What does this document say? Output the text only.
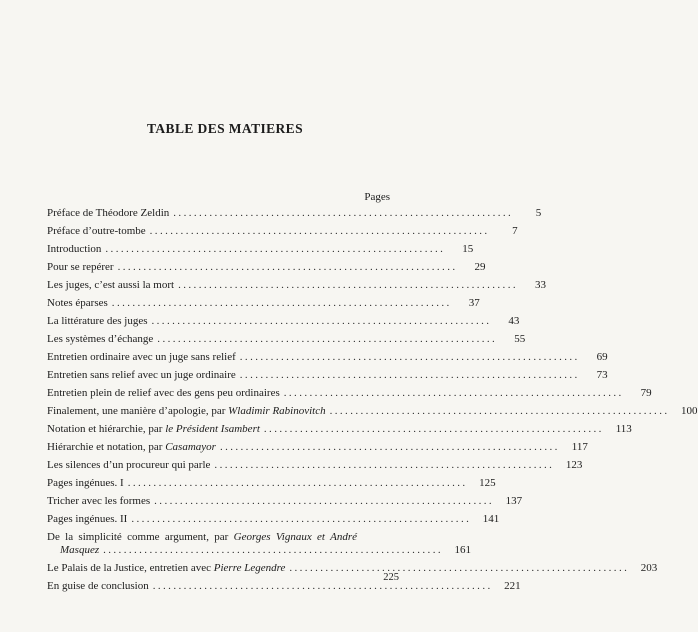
TABLE DES MATIERES
Pages
Préface de Théodore Zeldin ..................................................................	5
Préface d’outre-tombe ..................................................................	7
Introduction ..................................................................	15
Pour se repérer ..................................................................	29
Les juges, c’est aussi la mort ..................................................................	33
Notes éparses ..................................................................	37
La littérature des juges ..................................................................	43
Les systèmes d’échange ..................................................................	55
Entretien ordinaire avec un juge sans relief ..................................................................	69
Entretien sans relief avec un juge ordinaire ..................................................................	73
Entretien plein de relief avec des gens peu ordinaires ..................................................................	79
Finalement, une manière d’apologie, par Wladimir Rabinovitch ..................................................................	100
Notation et hiérarchie, par le Président Isambert ..................................................................	113
Hiérarchie et notation, par Casamayor ..................................................................	117
Les silences d’un procureur qui parle ..................................................................	123
Pages ingénues. I ..................................................................	125
Tricher avec les formes ..................................................................	137
Pages ingénues. II ..................................................................	141
De la simplicité comme argument, par Georges Vignaux et André
Masquez ..................................................................	161
Le Palais de la Justice, entretien avec Pierre Legendre ..................................................................	203
En guise de conclusion ..................................................................	221
225
